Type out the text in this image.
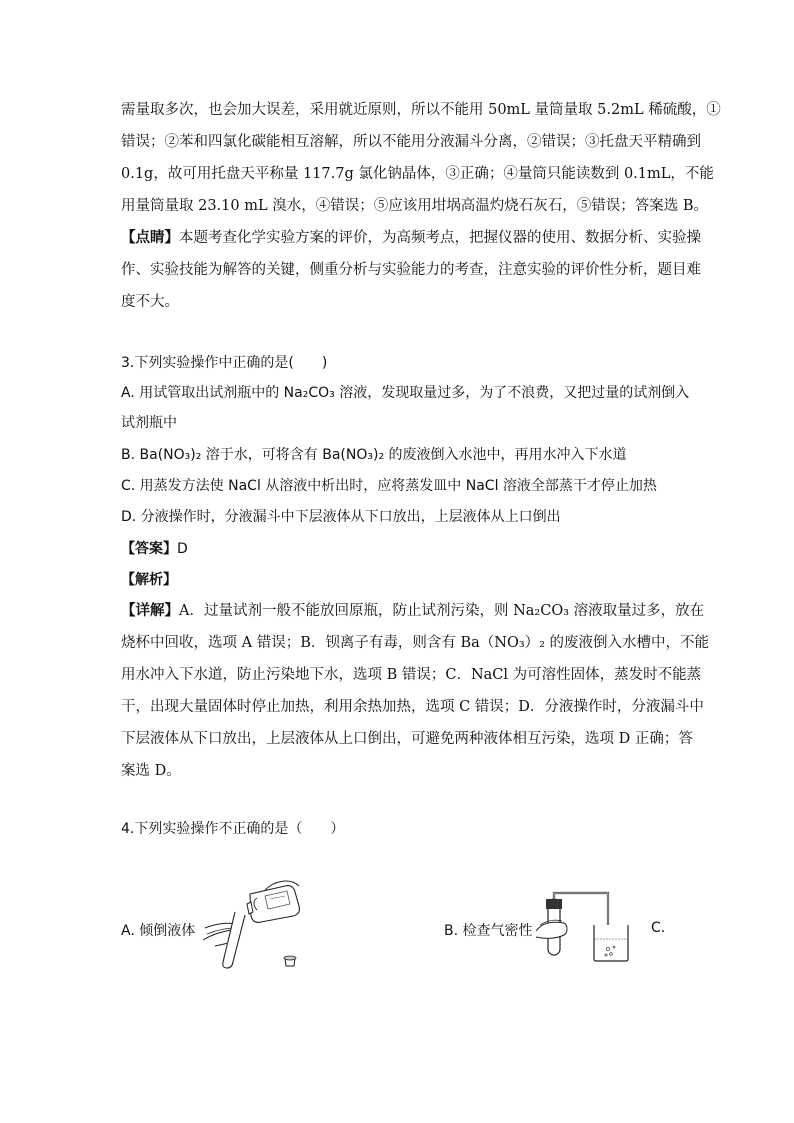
需量取多次，也会加大误差，采用就近原则，所以不能用 50mL 量筒量取 5.2mL 稀硫酸，①
错误；②苯和四氯化碳能相互溶解，所以不能用分液漏斗分离，②错误；③托盘天平精确到
0.1g，故可用托盘天平称量 117.7g 氯化钠晶体，③正确；④量筒只能读数到 0.1mL，不能
用量筒量取 23.10 mL 溴水，④错误；⑤应该用坩埚高温灼烧石灰石，⑤错误；答案选 B。
【点睛】本题考查化学实验方案的评价，为高频考点，把握仪器的使用、数据分析、实验操
作、实验技能为解答的关键，侧重分析与实验能力的考查，注意实验的评价性分析，题目难
度不大。
3.下列实验操作中正确的是(　　)
A. 用试管取出试剂瓶中的 Na₂CO₃ 溶液，发现取量过多，为了不浪费，又把过量的试剂倒入
试剂瓶中
B. Ba(NO₃)₂ 溶于水，可将含有 Ba(NO₃)₂ 的废液倒入水池中，再用水冲入下水道
C. 用蒸发方法使 NaCl 从溶液中析出时，应将蒸发皿中 NaCl 溶液全部蒸干才停止加热
D. 分液操作时，分液漏斗中下层液体从下口放出，上层液体从上口倒出
【答案】D
【解析】
【详解】A．过量试剂一般不能放回原瓶，防止试剂污染，则 Na₂CO₃ 溶液取量过多，放在
烧杯中回收，选项 A 错误；B．钡离子有毒，则含有 Ba（NO₃）₂ 的废液倒入水槽中，不能
用水冲入下水道，防止污染地下水，选项 B 错误；C．NaCl 为可溶性固体，蒸发时不能蒸
干，出现大量固体时停止加热，利用余热加热，选项 C 错误；D．分液操作时，分液漏斗中
下层液体从下口放出，上层液体从上口倒出，可避免两种液体相互污染，选项 D 正确；答
案选 D。
4.下列实验操作不正确的是（　　）
A. 倾倒液体	B. 检查气密性	C.
